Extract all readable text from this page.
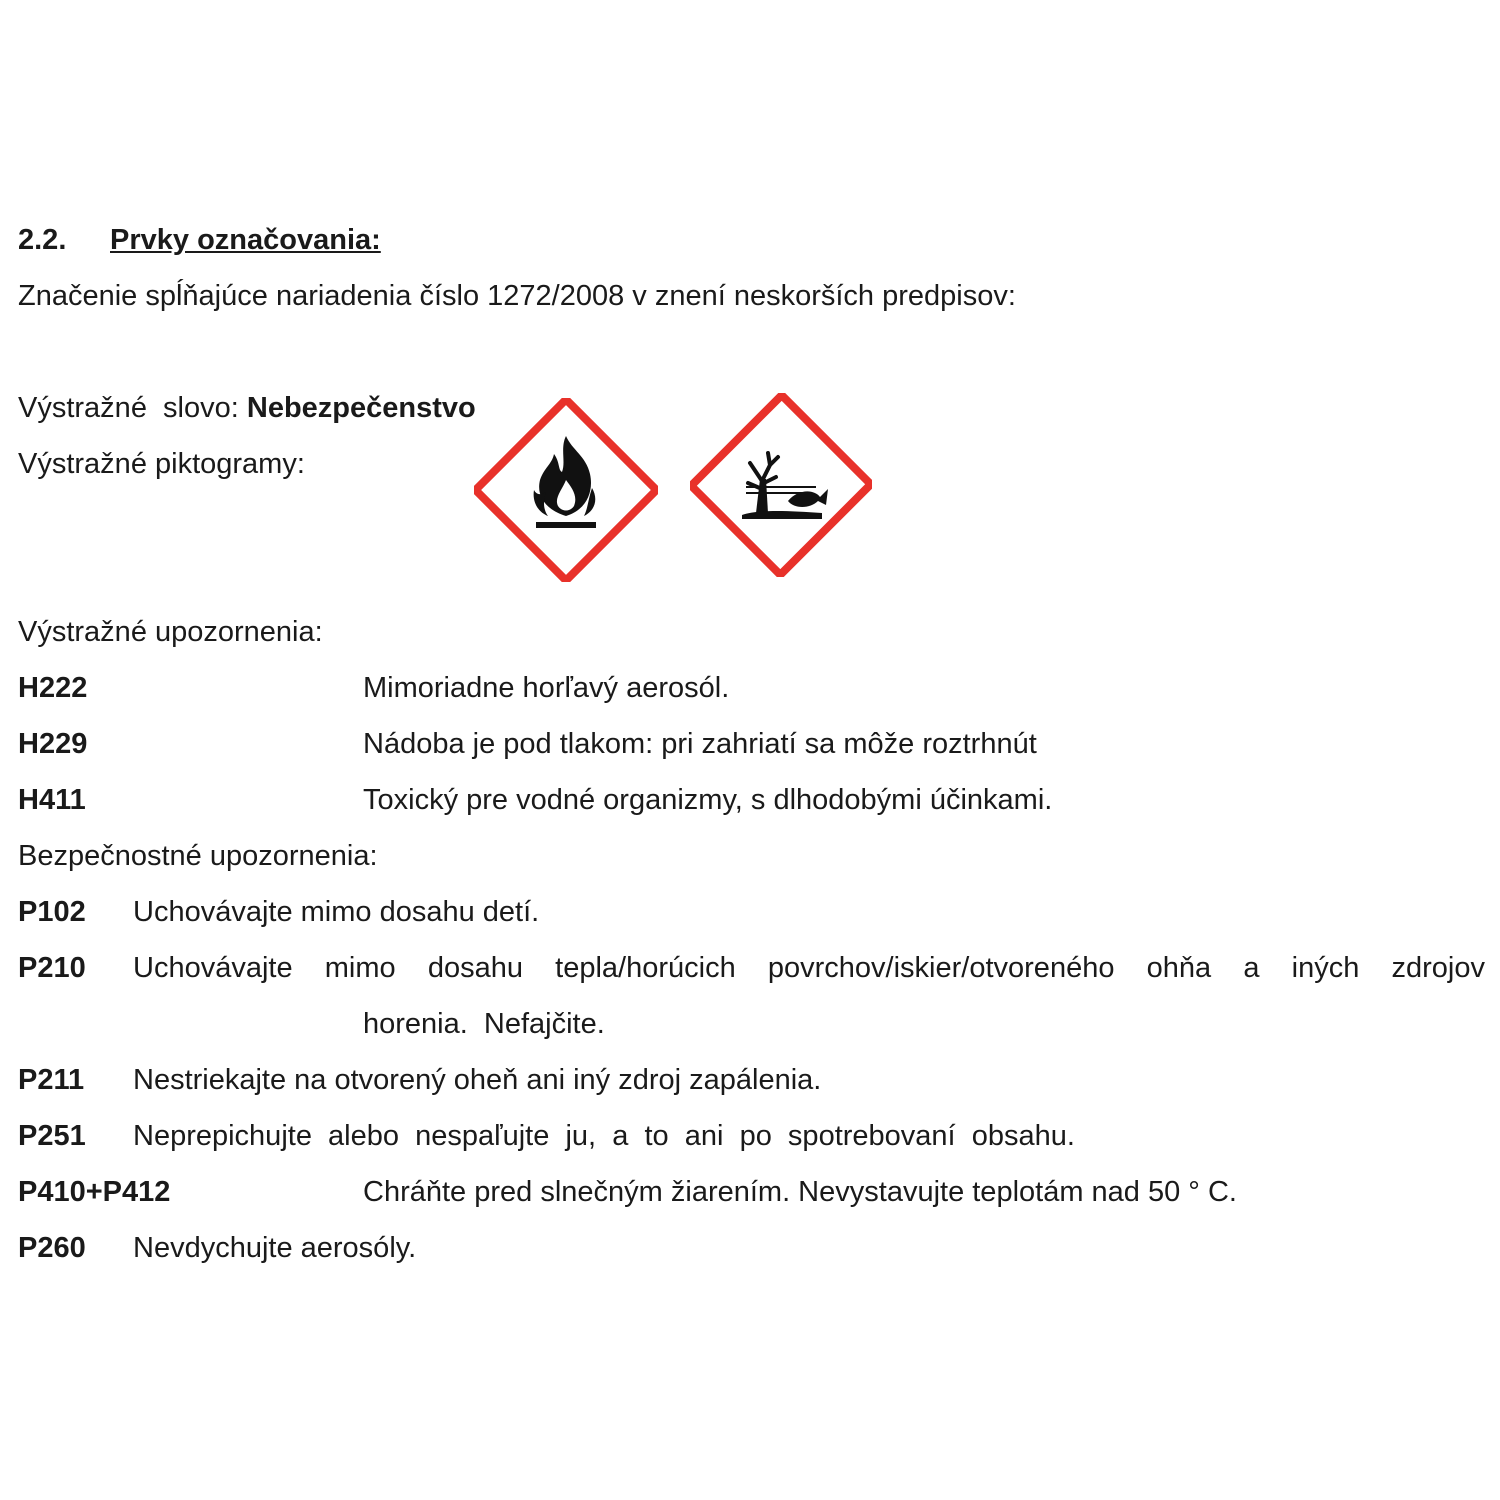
2.2. Prvky označovania:
Značenie spĺňajúce nariadenia číslo 1272/2008 v znení neskorších predpisov:
Výstražné  slovo: Nebezpečenstvo
Výstražné piktogramy:
Výstražné upozornenia:
H222	Mimoriadne horľavý aerosól.
H229	Nádoba je pod tlakom: pri zahriatí sa môže roztrhnút
H411	Toxický pre vodné organizmy, s dlhodobými účinkami.
Bezpečnostné upozornenia:
P102 Uchovávajte mimo dosahu detí.
P210 Uchovávajte mimo dosahu tepla/horúcich povrchov/iskier/otvoreného ohňa a iných zdrojov
horenia.  Nefajčite.
P211 Nestriekajte na otvorený oheň ani iný zdroj zapálenia.
P251 Neprepichujte  alebo  nespaľujte  ju,  a  to  ani  po  spotrebovaní  obsahu.
P410+P412	Chráňte pred slnečným žiarením. Nevystavujte teplotám nad 50 ° C.
P260 Nevdychujte aerosóly.
